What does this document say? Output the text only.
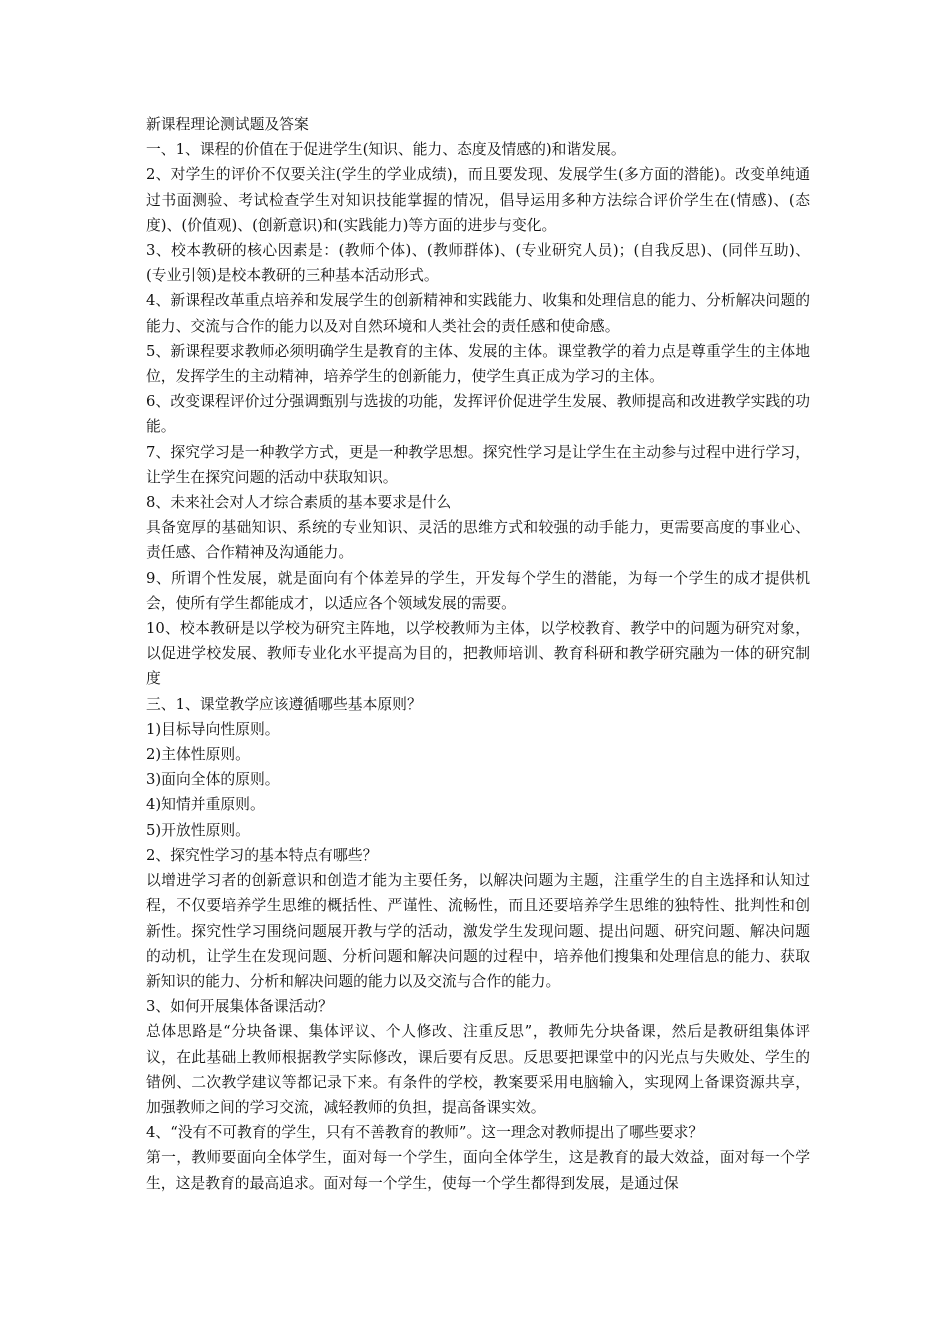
新课程理论测试题及答案

一、1、课程的价值在于促进学生(知识、能力、态度及情感的)和谐发展。

2、对学生的评价不仅要关注(学生的学业成绩)，而且要发现、发展学生(多方面的潜能)。改变单纯通过书面测验、考试检查学生对知识技能掌握的情况，倡导运用多种方法综合评价学生在(情感)、(态度)、(价值观)、(创新意识)和(实践能力)等方面的进步与变化。

3、校本教研的核心因素是：(教师个体)、(教师群体)、(专业研究人员)；(自我反思)、(同伴互助)、(专业引领)是校本教研的三种基本活动形式。

4、新课程改革重点培养和发展学生的创新精神和实践能力、收集和处理信息的能力、分析解决问题的能力、交流与合作的能力以及对自然环境和人类社会的责任感和使命感。

5、新课程要求教师必须明确学生是教育的主体、发展的主体。课堂教学的着力点是尊重学生的主体地位，发挥学生的主动精神，培养学生的创新能力，使学生真正成为学习的主体。

6、改变课程评价过分强调甄别与选拔的功能，发挥评价促进学生发展、教师提高和改进教学实践的功能。

7、探究学习是一种教学方式，更是一种教学思想。探究性学习是让学生在主动参与过程中进行学习，让学生在探究问题的活动中获取知识。

8、未来社会对人才综合素质的基本要求是什么

具备宽厚的基础知识、系统的专业知识、灵活的思维方式和较强的动手能力，更需要高度的事业心、责任感、合作精神及沟通能力。

9、所谓个性发展，就是面向有个体差异的学生，开发每个学生的潜能，为每一个学生的成才提供机会，使所有学生都能成才，以适应各个领域发展的需要。

10、校本教研是以学校为研究主阵地，以学校教师为主体，以学校教育、教学中的问题为研究对象，以促进学校发展、教师专业化水平提高为目的，把教师培训、教育科研和教学研究融为一体的研究制度

三、1、课堂教学应该遵循哪些基本原则？

1)目标导向性原则。

2)主体性原则。

3)面向全体的原则。

4)知情并重原则。

5)开放性原则。

2、探究性学习的基本特点有哪些？

以增进学习者的创新意识和创造才能为主要任务，以解决问题为主题，注重学生的自主选择和认知过程，不仅要培养学生思维的概括性、严谨性、流畅性，而且还要培养学生思维的独特性、批判性和创新性。探究性学习围绕问题展开教与学的活动，激发学生发现问题、提出问题、研究问题、解决问题的动机，让学生在发现问题、分析问题和解决问题的过程中，培养他们搜集和处理信息的能力、获取新知识的能力、分析和解决问题的能力以及交流与合作的能力。

3、如何开展集体备课活动？

总体思路是“分块备课、集体评议、个人修改、注重反思”，教师先分块备课，然后是教研组集体评议，在此基础上教师根据教学实际修改，课后要有反思。反思要把课堂中的闪光点与失败处、学生的错例、二次教学建议等都记录下来。有条件的学校，教案要采用电脑输入，实现网上备课资源共享，加强教师之间的学习交流，减轻教师的负担，提高备课实效。

4、“没有不可教育的学生，只有不善教育的教师”。这一理念对教师提出了哪些要求？

第一，教师要面向全体学生，面对每一个学生，面向全体学生，这是教育的最大效益，面对每一个学生，这是教育的最高追求。面对每一个学生，使每一个学生都得到发展，是通过保
